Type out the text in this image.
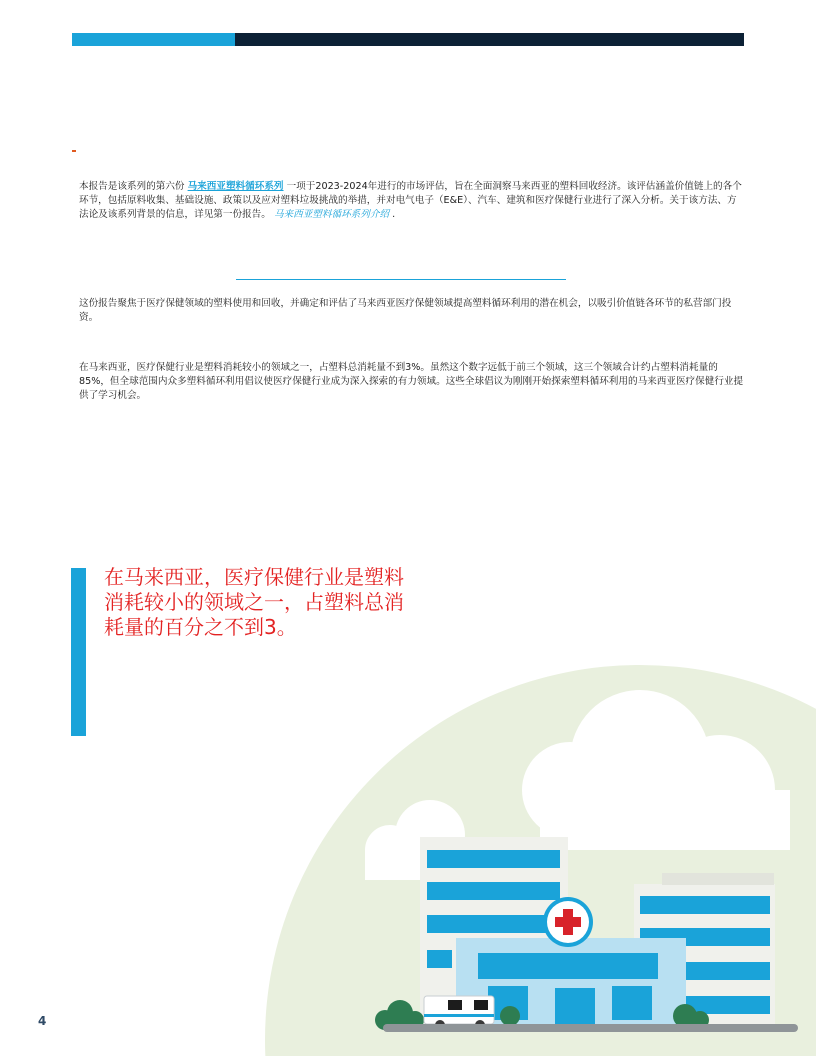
本报告是该系列的第六份 马来西亚塑料循环系列 一项于2023-2024年进行的市场评估，旨在全面洞察马来西亚的塑料回收经济。该评估涵盖价值链上的各个环节，包括原料收集、基础设施、政策以及应对塑料垃圾挑战的举措，并对电气电子（E&E）、汽车、建筑和医疗保健行业进行了深入分析。关于该方法、方法论及该系列背景的信息，详见第一份报告。 马来西亚塑料循环系列介绍 .

这份报告聚焦于医疗保健领域的塑料使用和回收，并确定和评估了马来西亚医疗保健领域提高塑料循环利用的潜在机会，以吸引价值链各环节的私营部门投资。

在马来西亚，医疗保健行业是塑料消耗较小的领域之一，占塑料总消耗量不到3%。虽然这个数字远低于前三个领域，这三个领域合计约占塑料消耗量的85%，但全球范围内众多塑料循环利用倡议使医疗保健行业成为深入探索的有力领域。这些全球倡议为刚刚开始探索塑料循环利用的马来西亚医疗保健行业提供了学习机会。

在马来西亚，医疗保健行业是塑料消耗较小的领域之一，占塑料总消耗量的百分之不到3。

4
